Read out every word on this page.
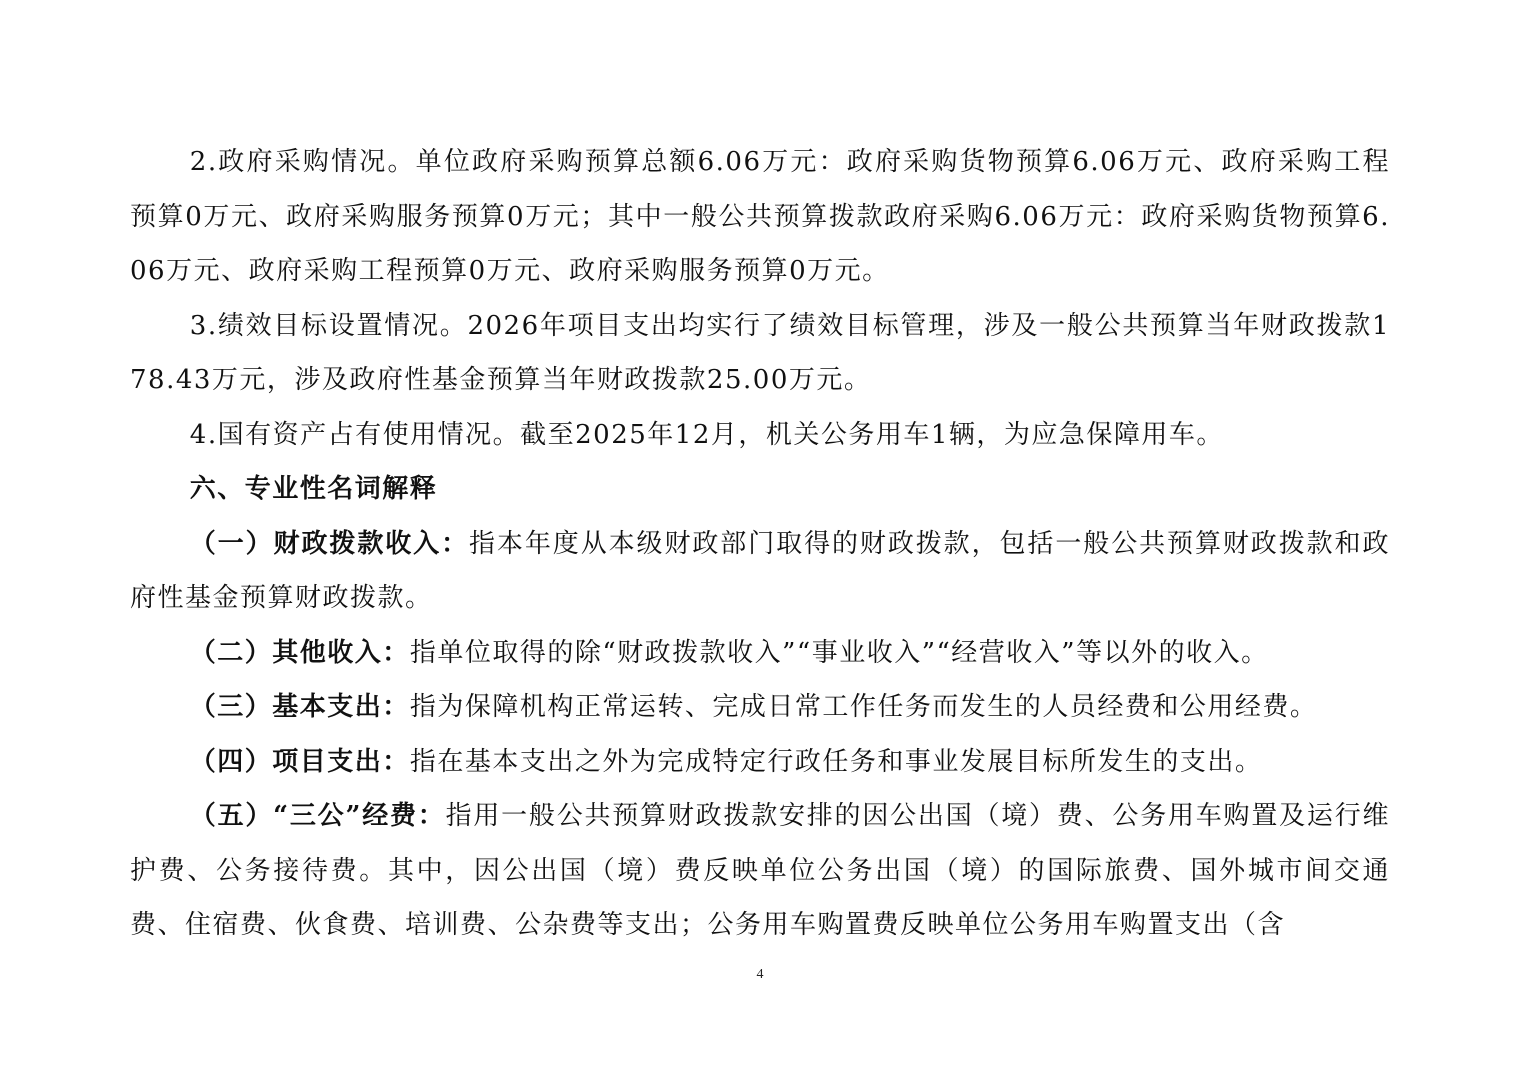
2.政府采购情况。单位政府采购预算总额6.06万元：政府采购货物预算6.06万元、政府采购工程预算0万元、政府采购服务预算0万元；其中一般公共预算拨款政府采购6.06万元：政府采购货物预算6.06万元、政府采购工程预算0万元、政府采购服务预算0万元。

3.绩效目标设置情况。2026年项目支出均实行了绩效目标管理，涉及一般公共预算当年财政拨款178.43万元，涉及政府性基金预算当年财政拨款25.00万元。

4.国有资产占有使用情况。截至2025年12月，机关公务用车1辆，为应急保障用车。

六、专业性名词解释

（一）财政拨款收入：指本年度从本级财政部门取得的财政拨款，包括一般公共预算财政拨款和政府性基金预算财政拨款。

（二）其他收入：指单位取得的除“财政拨款收入”“事业收入”“经营收入”等以外的收入。

（三）基本支出：指为保障机构正常运转、完成日常工作任务而发生的人员经费和公用经费。

（四）项目支出：指在基本支出之外为完成特定行政任务和事业发展目标所发生的支出。

（五）“三公”经费：指用一般公共预算财政拨款安排的因公出国（境）费、公务用车购置及运行维护费、公务接待费。其中，因公出国（境）费反映单位公务出国（境）的国际旅费、国外城市间交通费、住宿费、伙食费、培训费、公杂费等支出；公务用车购置费反映单位公务用车购置支出（含

4
